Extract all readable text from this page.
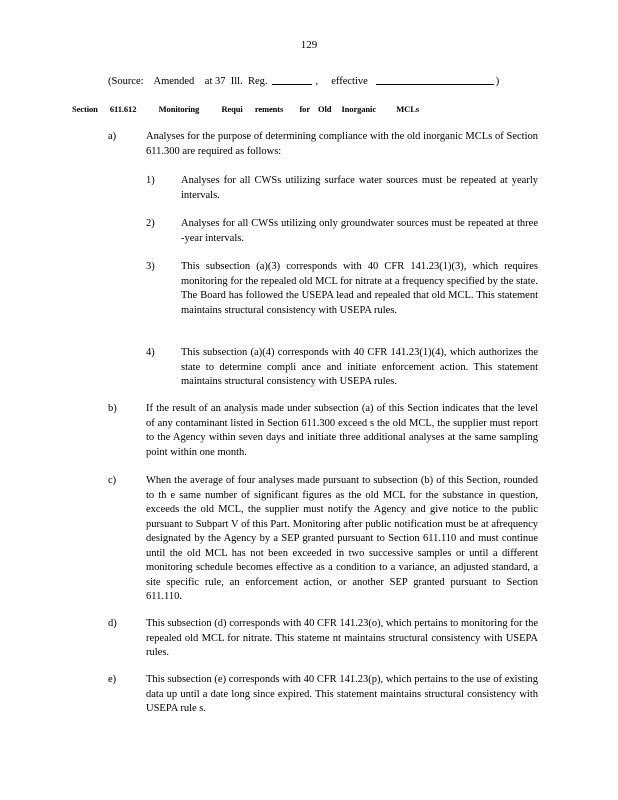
129
(Source:    Amended    at 37  Ill.  Reg.	,     effective	)
Section      611.612           Monitoring           Requi      rements        for    Old     Inorganic          MCLs
a)	Analyses for the purpose of determining compliance with the old inorganic MCLs of Section 611.300 are required as follows:
1)	Analyses for all CWSs utilizing surface water sources must be repeated at yearly intervals.
2)	Analyses for all CWSs utilizing only groundwater sources must be repeated at three -year intervals.
3)	This subsection (a)(3) corresponds with 40 CFR 141.23(1)(3), which requires monitoring for the repealed old MCL for nitrate at a frequency specified by the state. The Board has followed the USEPA lead and repealed that old MCL. This statement maintains structural consistency with USEPA rules.
4)	This subsection (a)(4) corresponds with 40 CFR 141.23(1)(4), which authorizes the state to determine compli ance and initiate enforcement action. This statement maintains structural consistency with USEPA rules.
b)	If the result of an analysis made under subsection (a) of this Section indicates that the level of any contaminant listed in Section 611.300 exceed s the old MCL, the supplier must report to the Agency within seven days and initiate three additional analyses at the same sampling point within one month.
c)	When the average of four analyses made pursuant to subsection (b) of this Section, rounded to th e same number of significant figures as the old MCL for the substance in question, exceeds the old MCL, the supplier must notify the Agency and give notice to the public pursuant to Subpart V of this Part. Monitoring after public notification must be at afrequency designated by the Agency by a SEP granted pursuant to Section 611.110 and must continue until the old MCL has not been exceeded in two successive samples or until a different monitoring schedule becomes effective as a condition to a variance, an adjusted standard, a site specific rule, an enforcement action, or another SEP granted pursuant to Section 611.110.
d)	This subsection (d) corresponds with 40 CFR 141.23(o), which pertains to monitoring for the repealed old MCL for nitrate. This stateme nt maintains structural consistency with USEPA rules.
e)	This subsection (e) corresponds with 40 CFR 141.23(p), which pertains to the use of existing data up until a date long since expired. This statement maintains structural consistency with USEPA rule s.
